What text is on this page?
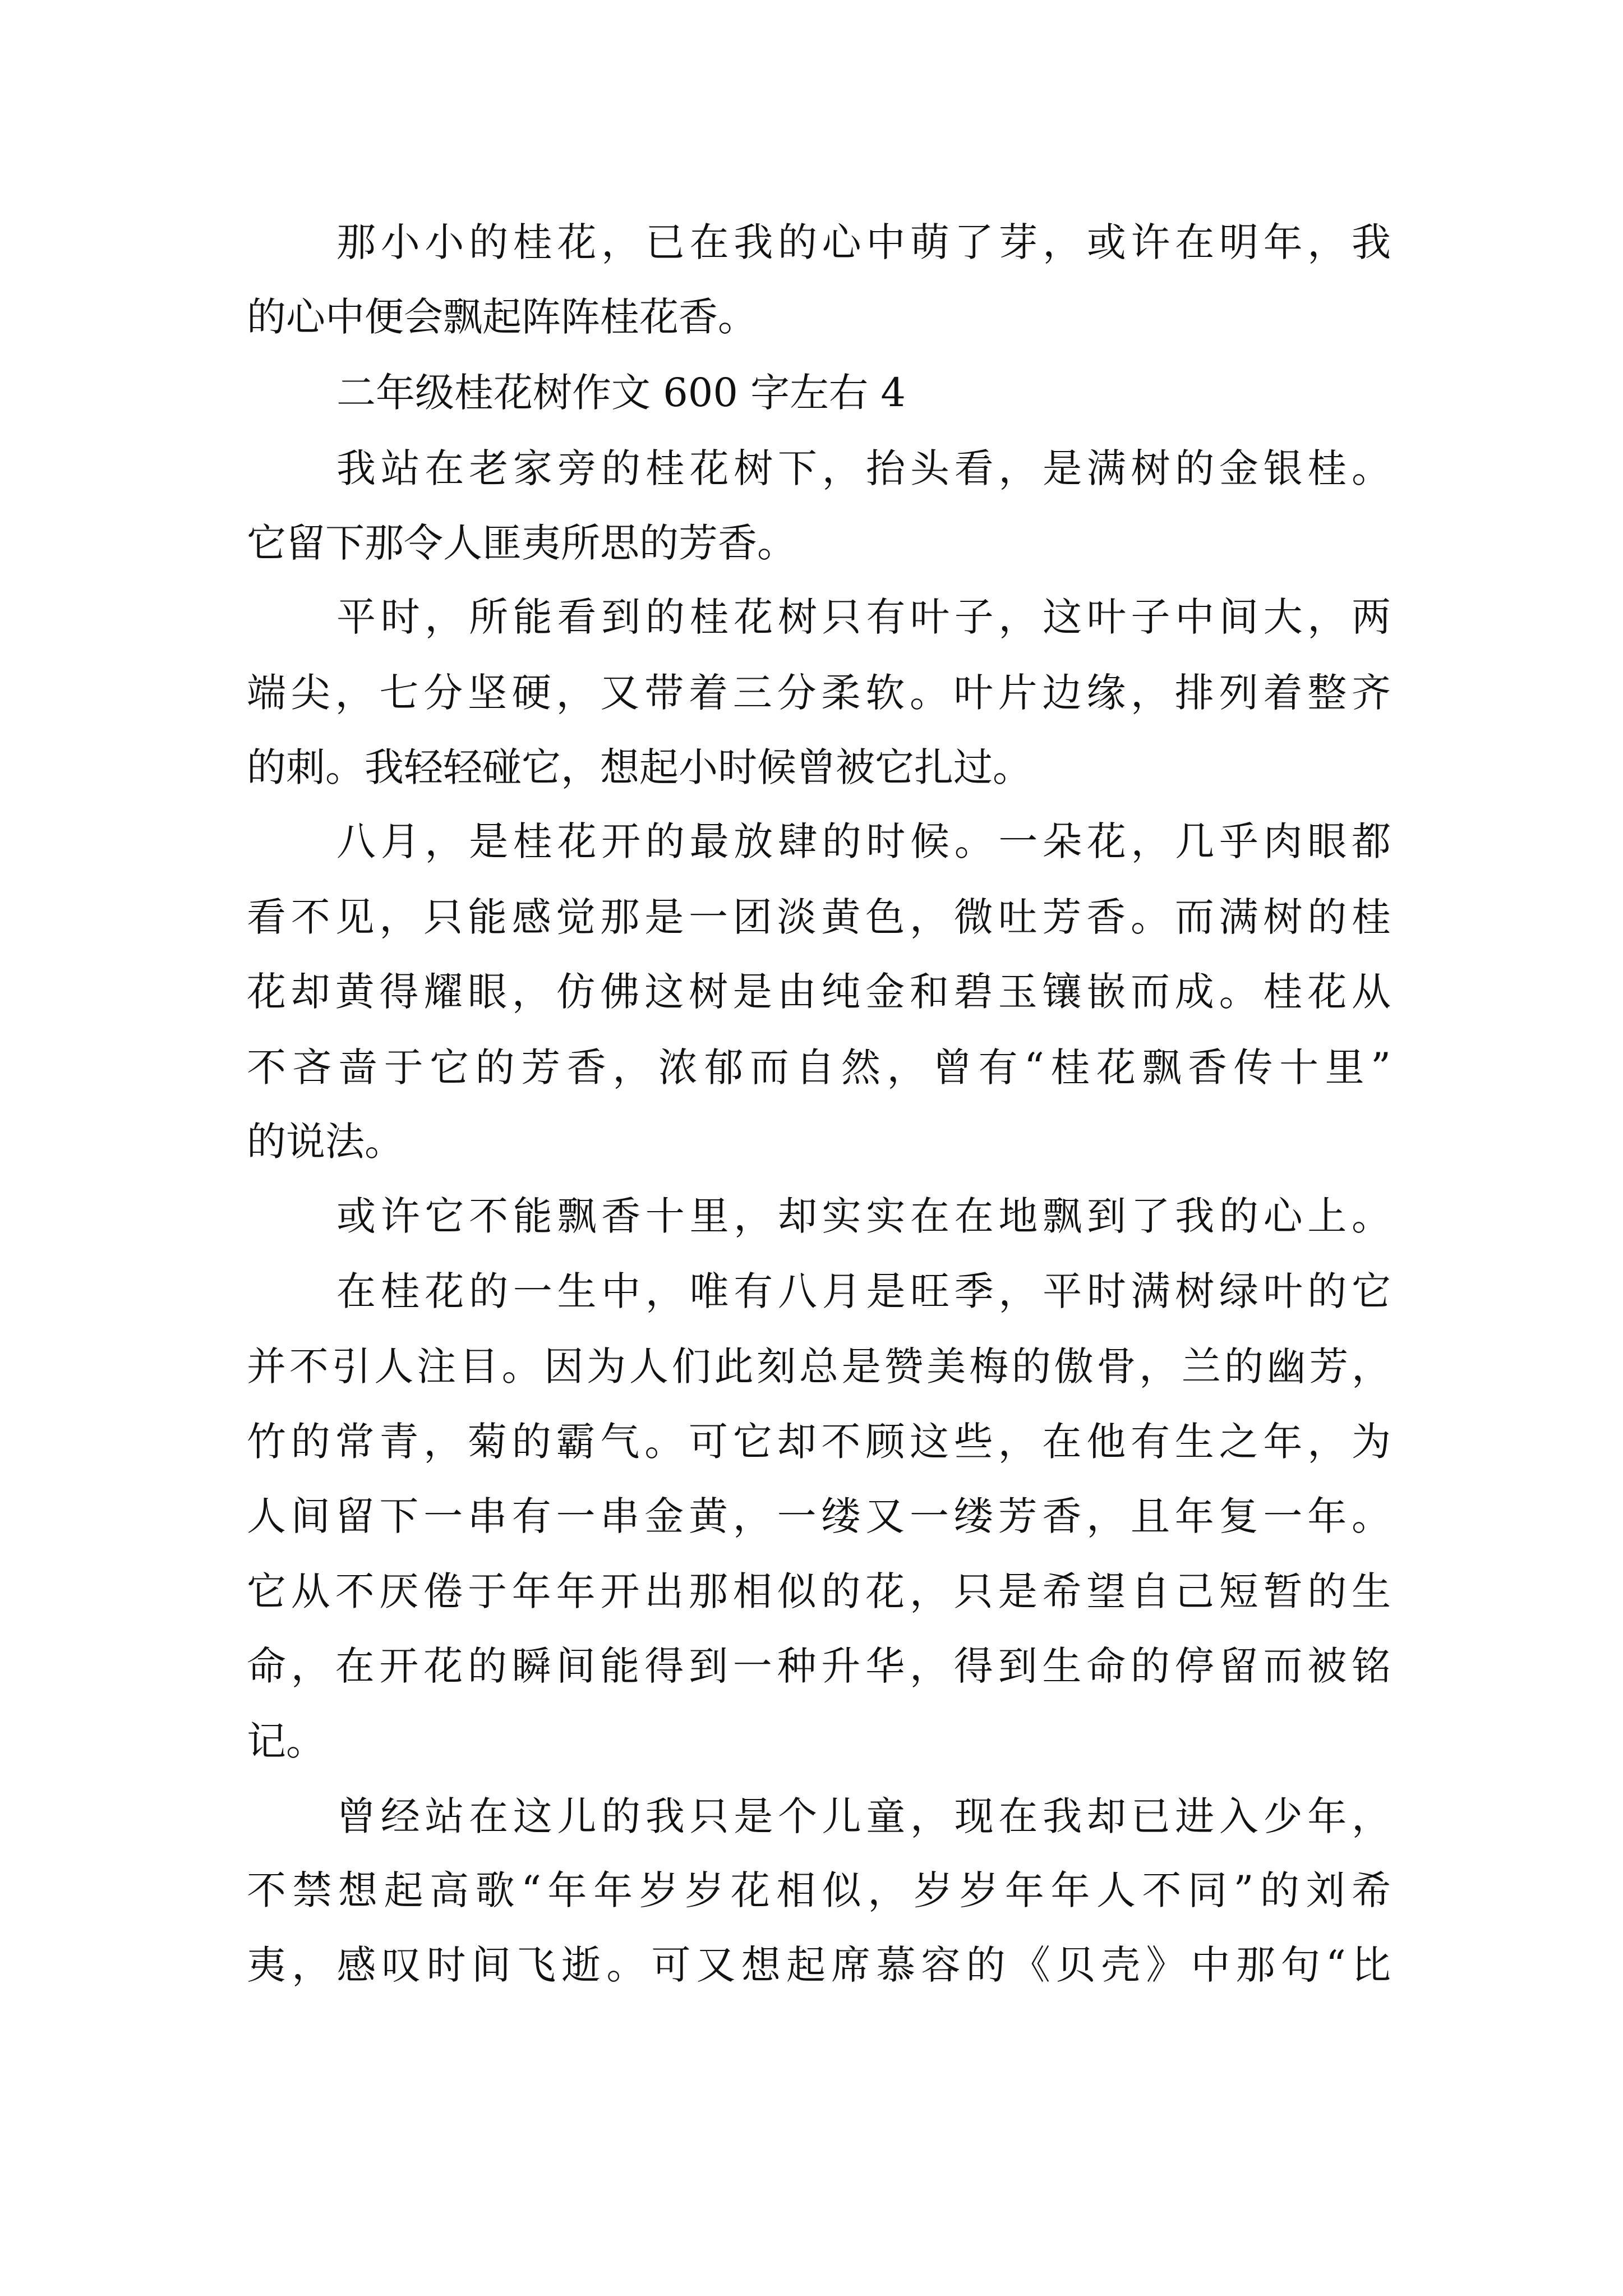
那小小的桂花，已在我的心中萌了芽，或许在明年，我

的心中便会飘起阵阵桂花香。

二年级桂花树作文 600 字左右 4

我站在老家旁的桂花树下，抬头看，是满树的金银桂。

它留下那令人匪夷所思的芳香。

平时，所能看到的桂花树只有叶子，这叶子中间大，两

端尖，七分坚硬，又带着三分柔软。叶片边缘，排列着整齐

的刺。我轻轻碰它，想起小时候曾被它扎过。

八月，是桂花开的最放肆的时候。一朵花，几乎肉眼都

看不见，只能感觉那是一团淡黄色，微吐芳香。而满树的桂

花却黄得耀眼，仿佛这树是由纯金和碧玉镶嵌而成。桂花从

不吝啬于它的芳香，浓郁而自然，曾有“桂花飘香传十里”

的说法。

或许它不能飘香十里，却实实在在地飘到了我的心上。

在桂花的一生中，唯有八月是旺季，平时满树绿叶的它

并不引人注目。因为人们此刻总是赞美梅的傲骨，兰的幽芳，

竹的常青，菊的霸气。可它却不顾这些，在他有生之年，为

人间留下一串有一串金黄，一缕又一缕芳香，且年复一年。

它从不厌倦于年年开出那相似的花，只是希望自己短暂的生

命，在开花的瞬间能得到一种升华，得到生命的停留而被铭

记。

曾经站在这儿的我只是个儿童，现在我却已进入少年，

不禁想起高歌“年年岁岁花相似，岁岁年年人不同”的刘希

夷，感叹时间飞逝。可又想起席慕容的《贝壳》中那句“比
